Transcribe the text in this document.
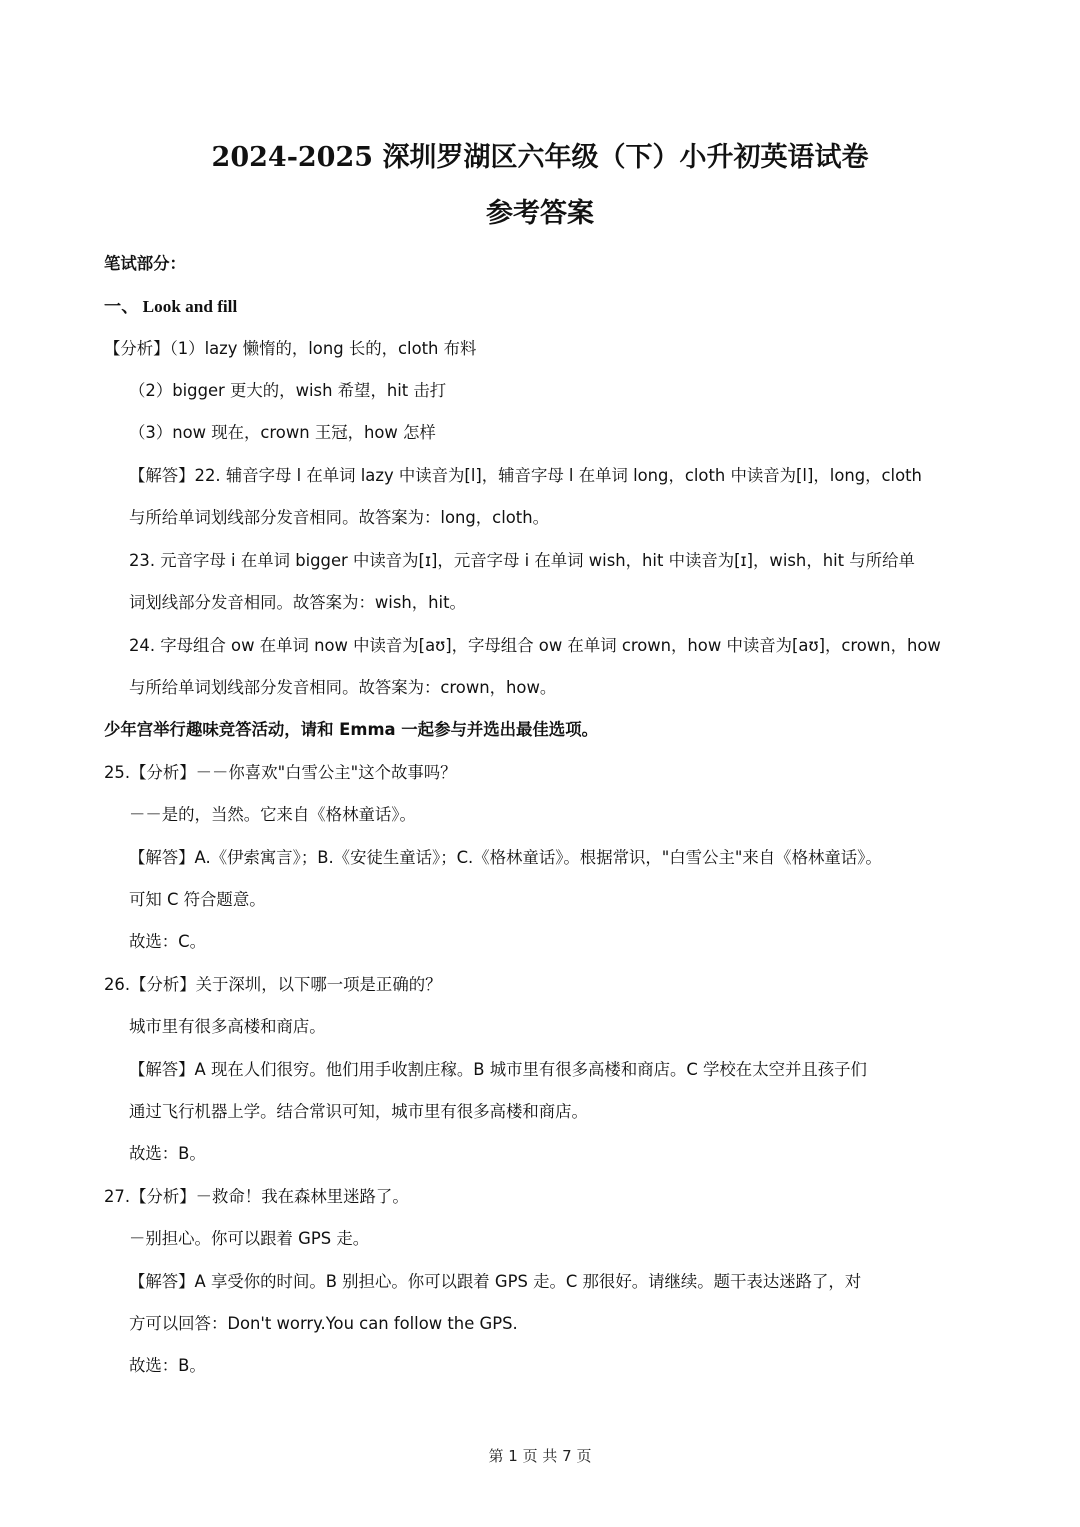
2024-2025 深圳罗湖区六年级（下）小升初英语试卷
参考答案
笔试部分：
一、 Look and fill
【分析】（1）lazy 懒惰的，long 长的，cloth 布料
（2）bigger 更大的，wish 希望，hit 击打
（3）now 现在，crown 王冠，how 怎样
【解答】22. 辅音字母 l 在单词 lazy 中读音为[l]，辅音字母 l 在单词 long，cloth 中读音为[l]，long，cloth
与所给单词划线部分发音相同。故答案为：long，cloth。
23. 元音字母 i 在单词 bigger 中读音为[ɪ]，元音字母 i 在单词 wish，hit 中读音为[ɪ]，wish，hit 与所给单
词划线部分发音相同。故答案为：wish，hit。
24. 字母组合 ow 在单词 now 中读音为[aʊ]，字母组合 ow 在单词 crown，how 中读音为[aʊ]，crown，how
与所给单词划线部分发音相同。故答案为：crown，how。
少年宫举行趣味竞答活动，请和 Emma 一起参与并选出最佳选项。
25.【分析】－－你喜欢"白雪公主"这个故事吗？
－－是的，当然。它来自《格林童话》。
【解答】A.《伊索寓言》；B.《安徒生童话》；C.《格林童话》。根据常识，"白雪公主"来自《格林童话》。
可知 C 符合题意。
故选：C。
26.【分析】关于深圳，以下哪一项是正确的？
城市里有很多高楼和商店。
【解答】A 现在人们很穷。他们用手收割庄稼。B 城市里有很多高楼和商店。C 学校在太空并且孩子们
通过飞行机器上学。结合常识可知，城市里有很多高楼和商店。
故选：B。
27.【分析】－救命！我在森林里迷路了。
－别担心。你可以跟着 GPS 走。
【解答】A 享受你的时间。B 别担心。你可以跟着 GPS 走。C 那很好。请继续。题干表达迷路了，对
方可以回答：Don't worry.You can follow the GPS.
故选：B。
第 1 页 共 7 页
